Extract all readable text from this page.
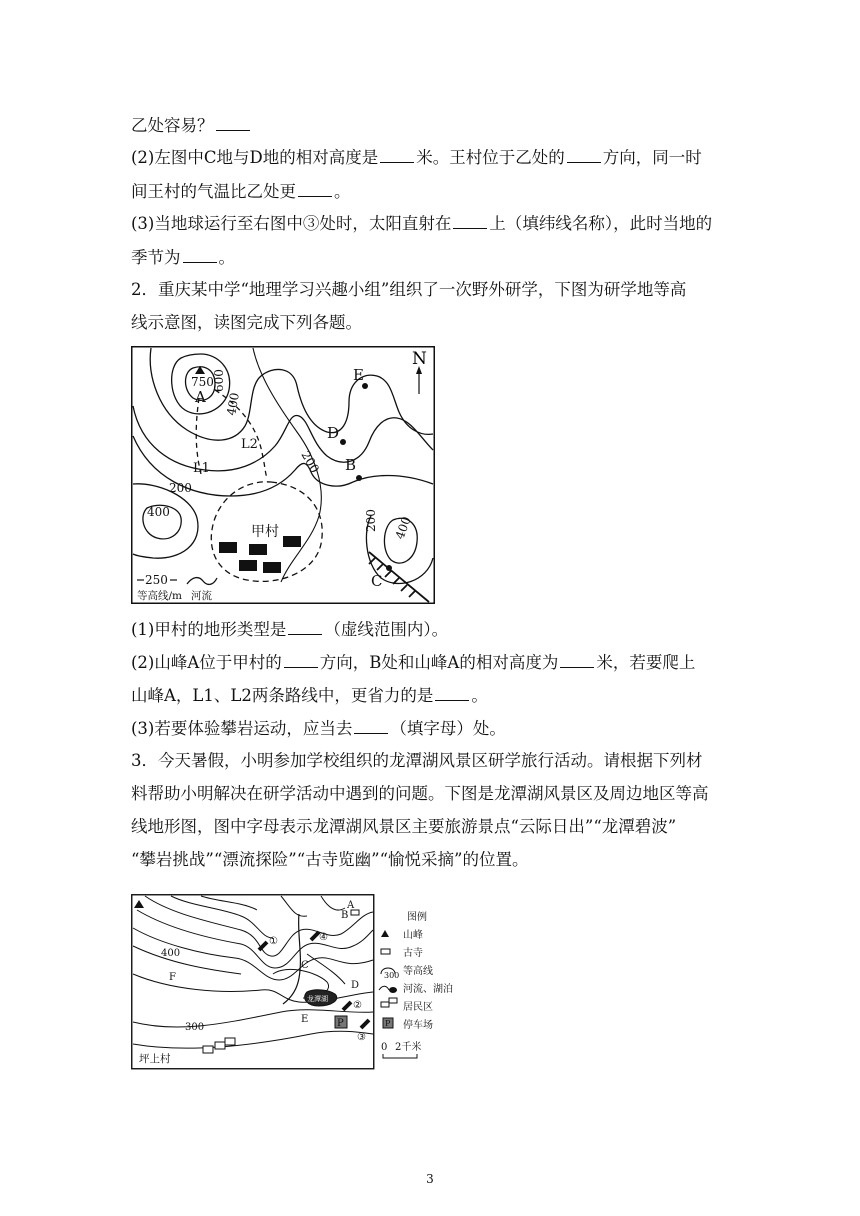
乙处容易？
(2)左图中C地与D地的相对高度是 米。王村位于乙处的 方向，同一时
间王村的气温比乙处更 。
(3)当地球运行至右图中③处时，太阳直射在 上（填纬线名称），此时当地的
季节为 。
2．重庆某中学“地理学习兴趣小组”组织了一次野外研学，下图为研学地等高
线示意图，读图完成下列各题。
N
750
600
400
200
200
400	200 400
A
B
C
D
E
L1
L2
甲村
250
等高线/m 河流
(1)甲村的地形类型是 （虚线范围内）。
(2)山峰A位于甲村的 方向，B处和山峰A的相对高度为 米，若要爬上
山峰A，L1、L2两条路线中，更省力的是 。
(3)若要体验攀岩运动，应当去 （填字母）处。
3．今天暑假，小明参加学校组织的龙潭湖风景区研学旅行活动。请根据下列材
料帮助小明解决在研学活动中遇到的问题。下图是龙潭湖风景区及周边地区等高
线地形图，图中字母表示龙潭湖风景区主要旅游景点“云际日出”“龙潭碧波”
“攀岩挑战”“漂流探险”“古寺览幽”“愉悦采摘”的位置。
龙潭湖
P
①
②
③
④
A
B
C
D
E
F
400
300
坪上村
图例
山峰
古寺
300 等高线
河流、湖泊
居民区
P 停车场
0 2千米
3
